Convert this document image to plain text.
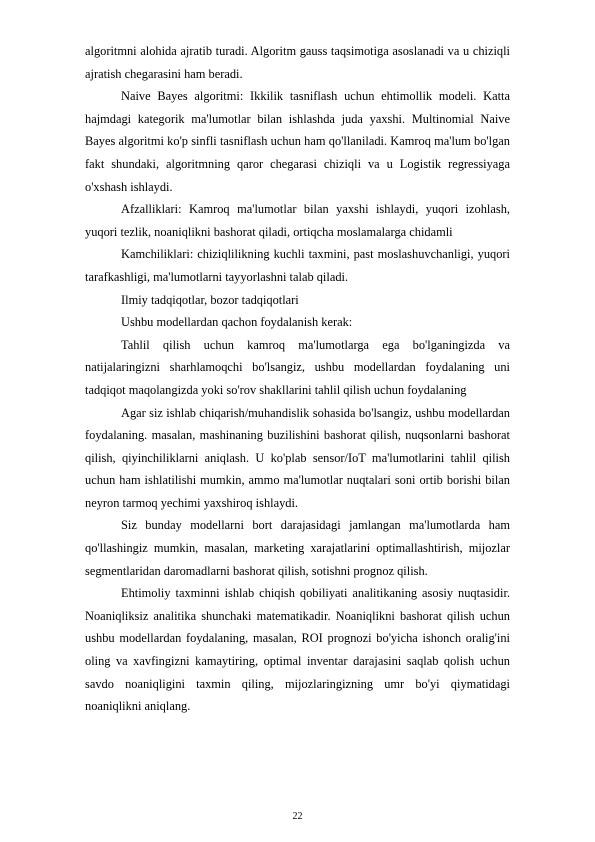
algoritmni alohida ajratib turadi. Algoritm gauss taqsimotiga asoslanadi va u chiziqli ajratish chegarasini ham beradi.

Naive Bayes algoritmi: Ikkilik tasniflash uchun ehtimollik modeli. Katta hajmdagi kategorik ma'lumotlar bilan ishlashda juda yaxshi. Multinomial Naive Bayes algoritmi ko'p sinfli tasniflash uchun ham qo'llaniladi. Kamroq ma'lum bo'lgan fakt shundaki, algoritmning qaror chegarasi chiziqli va u Logistik regressiyaga o'xshash ishlaydi.

Afzalliklari: Kamroq ma'lumotlar bilan yaxshi ishlaydi, yuqori izohlash, yuqori tezlik, noaniqlikni bashorat qiladi, ortiqcha moslamalarga chidamli

Kamchiliklari: chiziqlilikning kuchli taxmini, past moslashuvchanligi, yuqori tarafkashligi, ma'lumotlarni tayyorlashni talab qiladi.

Ilmiy tadqiqotlar, bozor tadqiqotlari

Ushbu modellardan qachon foydalanish kerak:

Tahlil qilish uchun kamroq ma'lumotlarga ega bo'lganingizda va natijalaringizni sharhlamoqchi bo'lsangiz, ushbu modellardan foydalaning uni tadqiqot maqolangizda yoki so'rov shakllarini tahlil qilish uchun foydalaning

Agar siz ishlab chiqarish/muhandislik sohasida bo'lsangiz, ushbu modellardan foydalaning. masalan, mashinaning buzilishini bashorat qilish, nuqsonlarni bashorat qilish, qiyinchiliklarni aniqlash. U ko'plab sensor/IoT ma'lumotlarini tahlil qilish uchun ham ishlatilishi mumkin, ammo ma'lumotlar nuqtalari soni ortib borishi bilan neyron tarmoq yechimi yaxshiroq ishlaydi.

Siz bunday modellarni bort darajasidagi jamlangan ma'lumotlarda ham qo'llashingiz mumkin, masalan, marketing xarajatlarini optimallashtirish, mijozlar segmentlaridan daromadlarni bashorat qilish, sotishni prognoz qilish.

Ehtimoliy taxminni ishlab chiqish qobiliyati analitikaning asosiy nuqtasidir. Noaniqliksiz analitika shunchaki matematikadir. Noaniqlikni bashorat qilish uchun ushbu modellardan foydalaning, masalan, ROI prognozi bo'yicha ishonch oralig'ini oling va xavfingizni kamaytiring, optimal inventar darajasini saqlab qolish uchun savdo noaniqligini taxmin qiling, mijozlaringizning umr bo'yi qiymatidagi noaniqlikni aniqlang.

22
